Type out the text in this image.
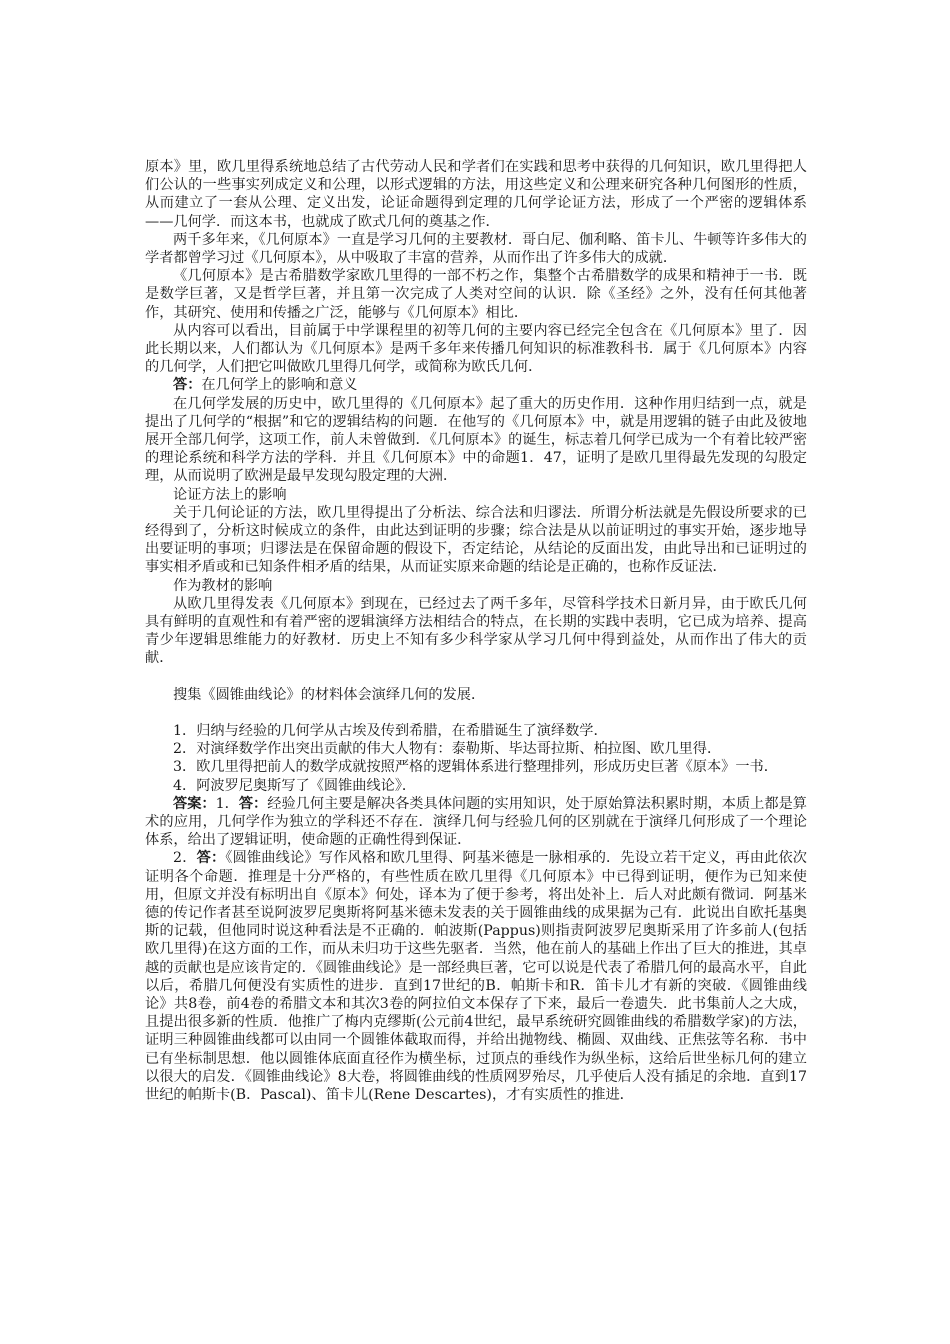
原本》里，欧几里得系统地总结了古代劳动人民和学者们在实践和思考中获得的几何知识，欧几里得把人们公认的一些事实列成定义和公理，以形式逻辑的方法，用这些定义和公理来研究各种几何图形的性质，从而建立了一套从公理、定义出发，论证命题得到定理的几何学论证方法，形成了一个严密的逻辑体系——几何学．而这本书，也就成了欧式几何的奠基之作．

两千多年来，《几何原本》一直是学习几何的主要教材．哥白尼、伽利略、笛卡儿、牛顿等许多伟大的学者都曾学习过《几何原本》，从中吸取了丰富的营养，从而作出了许多伟大的成就．

《几何原本》是古希腊数学家欧几里得的一部不朽之作，集整个古希腊数学的成果和精神于一书．既是数学巨著，又是哲学巨著，并且第一次完成了人类对空间的认识．除《圣经》之外，没有任何其他著作，其研究、使用和传播之广泛，能够与《几何原本》相比．

从内容可以看出，目前属于中学课程里的初等几何的主要内容已经完全包含在《几何原本》里了．因此长期以来，人们都认为《几何原本》是两千多年来传播几何知识的标准教科书．属于《几何原本》内容的几何学，人们把它叫做欧几里得几何学，或简称为欧氏几何．

答：在几何学上的影响和意义

在几何学发展的历史中，欧几里得的《几何原本》起了重大的历史作用．这种作用归结到一点，就是提出了几何学的“根据”和它的逻辑结构的问题．在他写的《几何原本》中，就是用逻辑的链子由此及彼地展开全部几何学，这项工作，前人未曾做到．《几何原本》的诞生，标志着几何学已成为一个有着比较严密的理论系统和科学方法的学科．并且《几何原本》中的命题1．47，证明了是欧几里得最先发现的勾股定理，从而说明了欧洲是最早发现勾股定理的大洲．

论证方法上的影响

关于几何论证的方法，欧几里得提出了分析法、综合法和归谬法．所谓分析法就是先假设所要求的已经得到了，分析这时候成立的条件，由此达到证明的步骤；综合法是从以前证明过的事实开始，逐步地导出要证明的事项；归谬法是在保留命题的假设下，否定结论，从结论的反面出发，由此导出和已证明过的事实相矛盾或和已知条件相矛盾的结果，从而证实原来命题的结论是正确的，也称作反证法．

作为教材的影响

从欧几里得发表《几何原本》到现在，已经过去了两千多年，尽管科学技术日新月异，由于欧氏几何具有鲜明的直观性和有着严密的逻辑演绎方法相结合的特点，在长期的实践中表明，它已成为培养、提高青少年逻辑思维能力的好教材．历史上不知有多少科学家从学习几何中得到益处，从而作出了伟大的贡献．

搜集《圆锥曲线论》的材料体会演绎几何的发展．

1．归纳与经验的几何学从古埃及传到希腊，在希腊诞生了演绎数学．

2．对演绎数学作出突出贡献的伟大人物有：泰勒斯、毕达哥拉斯、柏拉图、欧几里得．

3．欧几里得把前人的数学成就按照严格的逻辑体系进行整理排列，形成历史巨著《原本》一书．

4．阿波罗尼奥斯写了《圆锥曲线论》．

答案：1．答：经验几何主要是解决各类具体问题的实用知识，处于原始算法积累时期，本质上都是算术的应用，几何学作为独立的学科还不存在．演绎几何与经验几何的区别就在于演绎几何形成了一个理论体系，给出了逻辑证明，使命题的正确性得到保证．

2．答：《圆锥曲线论》写作风格和欧几里得、阿基米德是一脉相承的．先设立若干定义，再由此依次证明各个命题．推理是十分严格的，有些性质在欧几里得《几何原本》中已得到证明，便作为已知来使用，但原文并没有标明出自《原本》何处，译本为了便于参考，将出处补上．后人对此颇有微词．阿基米德的传记作者甚至说阿波罗尼奥斯将阿基米德未发表的关于圆锥曲线的成果据为己有．此说出自欧托基奥斯的记载，但他同时说这种看法是不正确的．帕波斯(Pappus)则指责阿波罗尼奥斯采用了许多前人(包括欧几里得)在这方面的工作，而从未归功于这些先驱者．当然，他在前人的基础上作出了巨大的推进，其卓越的贡献也是应该肯定的．《圆锥曲线论》是一部经典巨著，它可以说是代表了希腊几何的最高水平，自此以后，希腊几何便没有实质性的进步．直到17世纪的B．帕斯卡和R．笛卡儿才有新的突破．《圆锥曲线论》共8卷，前4卷的希腊文本和其次3卷的阿拉伯文本保存了下来，最后一卷遗失．此书集前人之大成，且提出很多新的性质．他推广了梅内克缪斯(公元前4世纪，最早系统研究圆锥曲线的希腊数学家)的方法，证明三种圆锥曲线都可以由同一个圆锥体截取而得，并给出抛物线、椭圆、双曲线、正焦弦等名称．书中已有坐标制思想．他以圆锥体底面直径作为横坐标，过顶点的垂线作为纵坐标，这给后世坐标几何的建立以很大的启发．《圆锥曲线论》8大卷，将圆锥曲线的性质网罗殆尽，几乎使后人没有插足的余地．直到17世纪的帕斯卡(B．Pascal)、笛卡儿(Rene Descartes)，才有实质性的推进．
